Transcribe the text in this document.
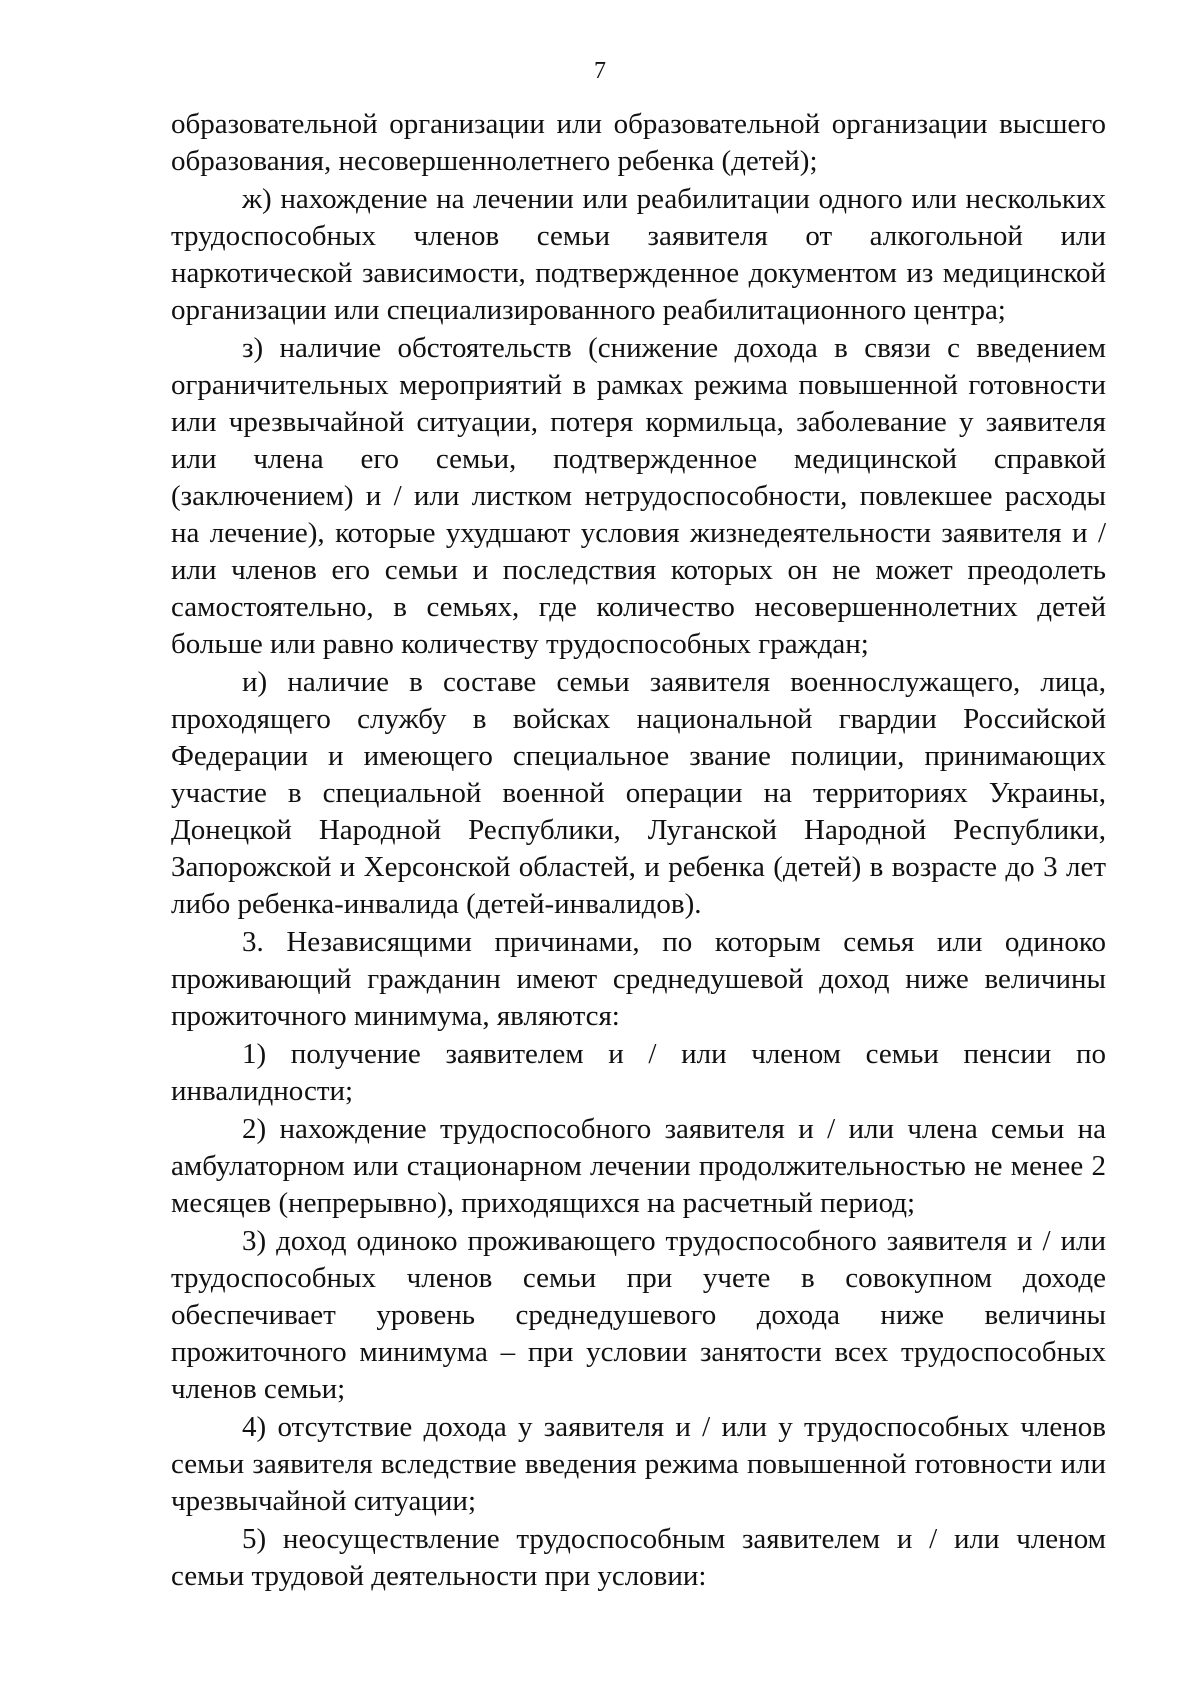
7

образовательной организации или образовательной организации высшего образования, несовершеннолетнего ребенка (детей);

ж) нахождение на лечении или реабилитации одного или нескольких трудоспособных членов семьи заявителя от алкогольной или наркотической зависимости, подтвержденное документом из медицинской организации или специализированного реабилитационного центра;

з) наличие обстоятельств (снижение дохода в связи с введением ограничительных мероприятий в рамках режима повышенной готовности или чрезвычайной ситуации, потеря кормильца, заболевание у заявителя или члена его семьи, подтвержденное медицинской справкой (заключением) и / или листком нетрудоспособности, повлекшее расходы на лечение), которые ухудшают условия жизнедеятельности заявителя и / или членов его семьи и последствия которых он не может преодолеть самостоятельно, в семьях, где количество несовершеннолетних детей больше или равно количеству трудоспособных граждан;

и) наличие в составе семьи заявителя военнослужащего, лица, проходящего службу в войсках национальной гвардии Российской Федерации и имеющего специальное звание полиции, принимающих участие в специальной военной операции на территориях Украины, Донецкой Народной Республики, Луганской Народной Республики, Запорожской и Херсонской областей, и ребенка (детей) в возрасте до 3 лет либо ребенка-инвалида (детей-инвалидов).

3. Независящими причинами, по которым семья или одиноко проживающий гражданин имеют среднедушевой доход ниже величины прожиточного минимума, являются:

1) получение заявителем и / или членом семьи пенсии по инвалидности;

2) нахождение трудоспособного заявителя и / или члена семьи на амбулаторном или стационарном лечении продолжительностью не менее 2 месяцев (непрерывно), приходящихся на расчетный период;

3) доход одиноко проживающего трудоспособного заявителя и / или трудоспособных членов семьи при учете в совокупном доходе обеспечивает уровень среднедушевого дохода ниже величины прожиточного минимума – при условии занятости всех трудоспособных членов семьи;

4) отсутствие дохода у заявителя и / или у трудоспособных членов семьи заявителя вследствие введения режима повышенной готовности или чрезвычайной ситуации;

5) неосуществление трудоспособным заявителем и / или членом семьи трудовой деятельности при условии:
